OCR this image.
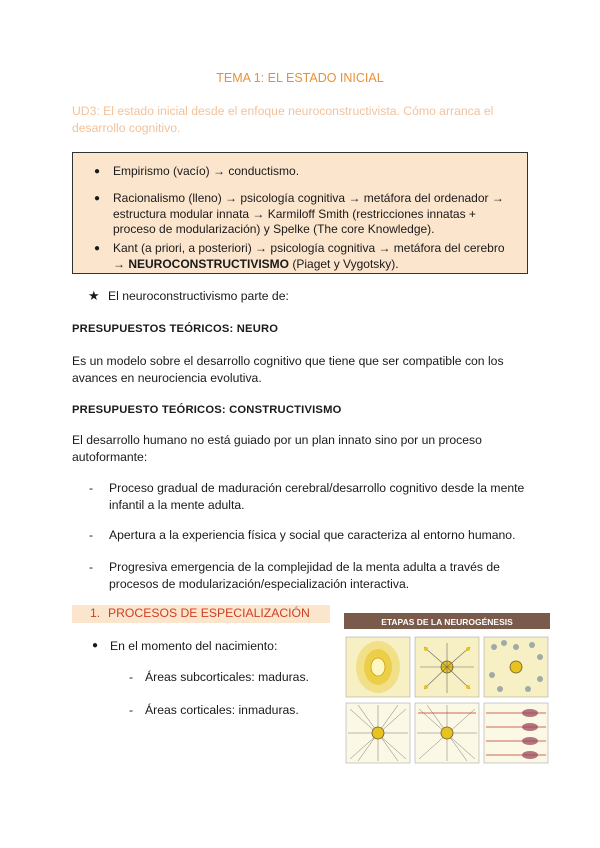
TEMA 1: EL ESTADO INICIAL
UD3: El estado inicial desde el enfoque neuroconstructivista. Cómo arranca el desarrollo cognitivo.
● Empirismo (vacío) → conductismo.
● Racionalismo (lleno) → psicología cognitiva → metáfora del ordenador → estructura modular innata → Karmiloff Smith (restricciones innatas + proceso de modularización) y Spelke (The core Knowledge).
● Kant (a priori, a posteriori) → psicología cognitiva → metáfora del cerebro → NEUROCONSTRUCTIVISMO (Piaget y Vygotsky).
★ El neuroconstructivismo parte de:
PRESUPUESTOS TEÓRICOS: NEURO
Es un modelo sobre el desarrollo cognitivo que tiene que ser compatible con los avances en neurociencia evolutiva.
PRESUPUESTO TEÓRICOS: CONSTRUCTIVISMO
El desarrollo humano no está guiado por un plan innato sino por un proceso autoformante:
- Proceso gradual de maduración cerebral/desarrollo cognitivo desde la mente infantil a la mente adulta.
- Apertura a la experiencia física y social que caracteriza al entorno humano.
- Progresiva emergencia de la complejidad de la menta adulta a través de procesos de modularización/especialización interactiva.
1. PROCESOS DE ESPECIALIZACIÓN
● En el momento del nacimiento:
- Áreas subcorticales: maduras.
- Áreas corticales: inmaduras.
ETAPAS DE LA NEUROGÉNESIS
